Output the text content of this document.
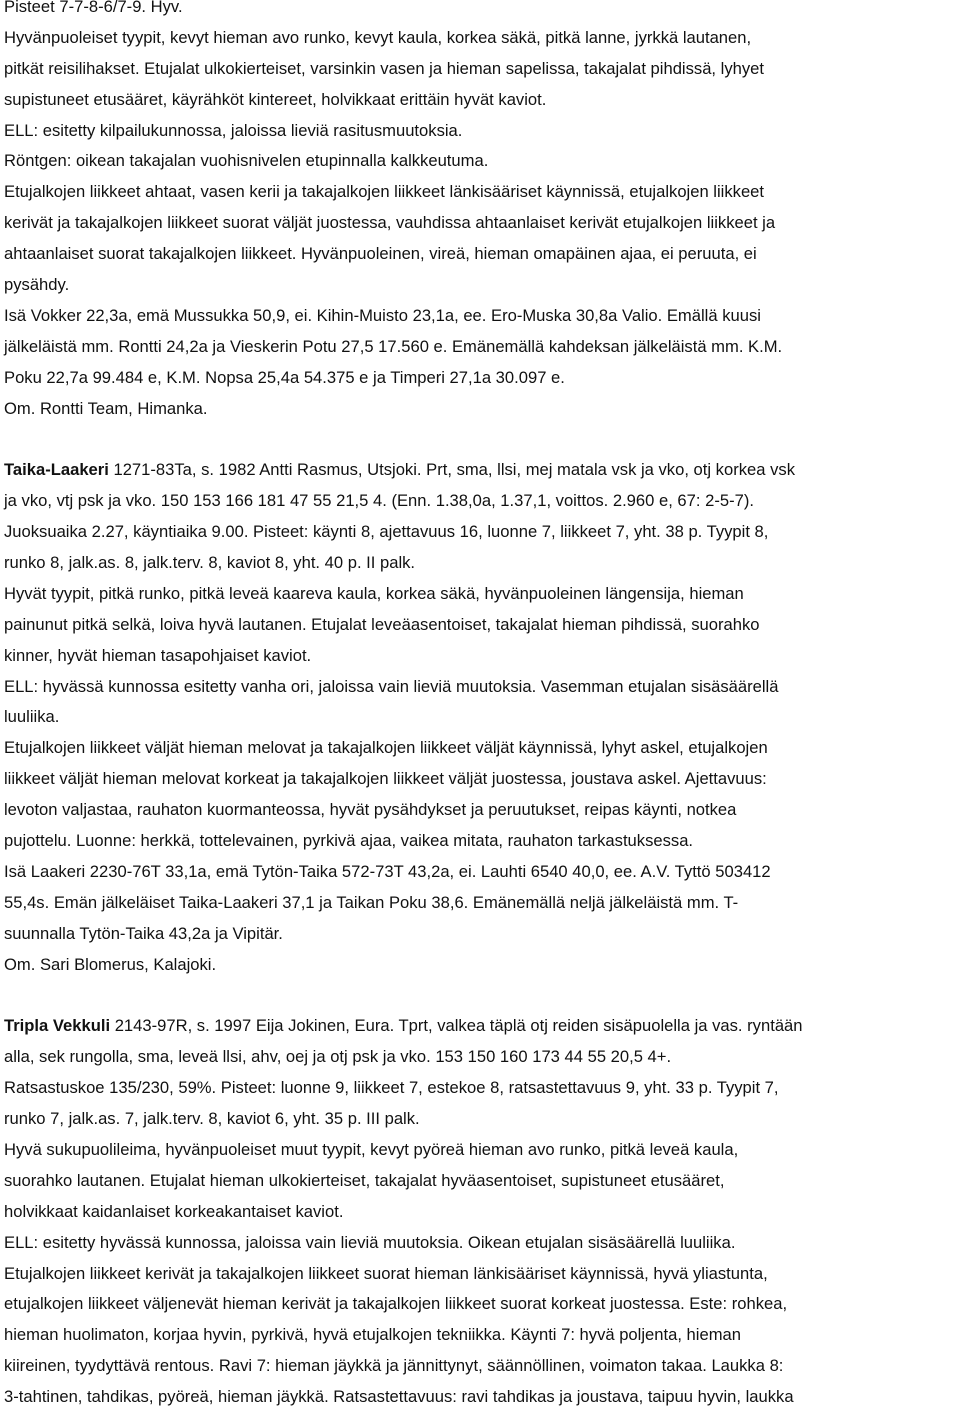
Pisteet 7-7-8-6/7-9. Hyv.
Hyvänpuoleiset tyypit, kevyt hieman avo runko, kevyt kaula, korkea säkä, pitkä lanne, jyrkkä lautanen,
pitkät reisilihakset. Etujalat ulkokierteiset, varsinkin vasen ja hieman sapelissa, takajalat pihdissä, lyhyet
supistuneet etusääret, käyrähköt kintereet, holvikkaat erittäin hyvät kaviot.
ELL: esitetty kilpailukunnossa, jaloissa lieviä rasitusmuutoksia.
Röntgen: oikean takajalan vuohisnivelen etupinnalla kalkkeutuma.
Etujalkojen liikkeet ahtaat, vasen kerii ja takajalkojen liikkeet länkisääriset käynnissä, etujalkojen liikkeet
kerivät ja takajalkojen liikkeet suorat väljät juostessa, vauhdissa ahtaanlaiset kerivät etujalkojen liikkeet ja
ahtaanlaiset suorat takajalkojen liikkeet. Hyvänpuoleinen, vireä, hieman omapäinen ajaa, ei peruuta, ei
pysähdy.
Isä Vokker 22,3a, emä Mussukka 50,9, ei. Kihin-Muisto 23,1a, ee. Ero-Muska 30,8a Valio. Emällä kuusi
jälkeläistä mm. Rontti 24,2a ja Vieskerin Potu 27,5 17.560 e. Emänemällä kahdeksan jälkeläistä mm. K.M.
Poku 22,7a 99.484 e, K.M. Nopsa 25,4a 54.375 e ja Timperi 27,1a 30.097 e.
Om. Rontti Team, Himanka.
Taika-Laakeri 1271-83Ta, s. 1982 Antti Rasmus, Utsjoki. Prt, sma, llsi, mej matala vsk ja vko, otj korkea vsk
ja vko, vtj psk ja vko. 150 153 166 181 47 55 21,5 4. (Enn. 1.38,0a, 1.37,1, voittos. 2.960 e, 67: 2-5-7).
Juoksuaika 2.27, käyntiaika 9.00. Pisteet: käynti 8, ajettavuus 16, luonne 7, liikkeet 7, yht. 38 p. Tyypit 8,
runko 8, jalk.as. 8, jalk.terv. 8, kaviot 8, yht. 40 p. II palk.
Hyvät tyypit, pitkä runko, pitkä leveä kaareva kaula, korkea säkä, hyvänpuoleinen längensija, hieman
painunut pitkä selkä, loiva hyvä lautanen. Etujalat leveäasentoiset, takajalat hieman pihdissä, suorahko
kinner, hyvät hieman tasapohjaiset kaviot.
ELL: hyvässä kunnossa esitetty vanha ori, jaloissa vain lieviä muutoksia. Vasemman etujalan sisäsäärellä
luuliika.
Etujalkojen liikkeet väljät hieman melovat ja takajalkojen liikkeet väljät käynnissä, lyhyt askel, etujalkojen
liikkeet väljät hieman melovat korkeat ja takajalkojen liikkeet väljät juostessa, joustava askel. Ajettavuus:
levoton valjastaa, rauhaton kuormanteossa, hyvät pysähdykset ja peruutukset, reipas käynti, notkea
pujottelu. Luonne: herkkä, tottelevainen, pyrkivä ajaa, vaikea mitata, rauhaton tarkastuksessa.
Isä Laakeri 2230-76T 33,1a, emä Tytön-Taika 572-73T 43,2a, ei. Lauhti 6540 40,0, ee. A.V. Tyttö 503412
55,4s. Emän jälkeläiset Taika-Laakeri 37,1 ja Taikan Poku 38,6. Emänemällä neljä jälkeläistä mm. T-
suunnalla Tytön-Taika 43,2a ja Vipitär.
Om. Sari Blomerus, Kalajoki.
Tripla Vekkuli 2143-97R, s. 1997 Eija Jokinen, Eura. Tprt, valkea täplä otj reiden sisäpuolella ja vas. ryntään
alla, sek rungolla, sma, leveä llsi, ahv, oej ja otj psk ja vko. 153 150 160 173 44 55 20,5 4+.
Ratsastuskoe 135/230, 59%. Pisteet: luonne 9, liikkeet 7, estekoe 8, ratsastettavuus 9, yht. 33 p. Tyypit 7,
runko 7, jalk.as. 7, jalk.terv. 8, kaviot 6, yht. 35 p. III palk.
Hyvä sukupuolileima, hyvänpuoleiset muut tyypit, kevyt pyöreä hieman avo runko, pitkä leveä kaula,
suorahko lautanen. Etujalat hieman ulkokierteiset, takajalat hyväasentoiset, supistuneet etusääret,
holvikkaat kaidanlaiset korkeakantaiset kaviot.
ELL: esitetty hyvässä kunnossa, jaloissa vain lieviä muutoksia. Oikean etujalan sisäsäärellä luuliika.
Etujalkojen liikkeet kerivät ja takajalkojen liikkeet suorat hieman länkisääriset käynnissä, hyvä yliastunta,
etujalkojen liikkeet väljenevät hieman kerivät ja takajalkojen liikkeet suorat korkeat juostessa. Este: rohkea,
hieman huolimaton, korjaa hyvin, pyrkivä, hyvä etujalkojen tekniikka. Käynti 7: hyvä poljenta, hieman
kiireinen, tyydyttävä rentous. Ravi 7: hieman jäykkä ja jännittynyt, säännöllinen, voimaton takaa. Laukka 8:
3-tahtinen, tahdikas, pyöreä, hieman jäykkä. Ratsastettavuus: ravi tahdikas ja joustava, taipuu hyvin, laukka
